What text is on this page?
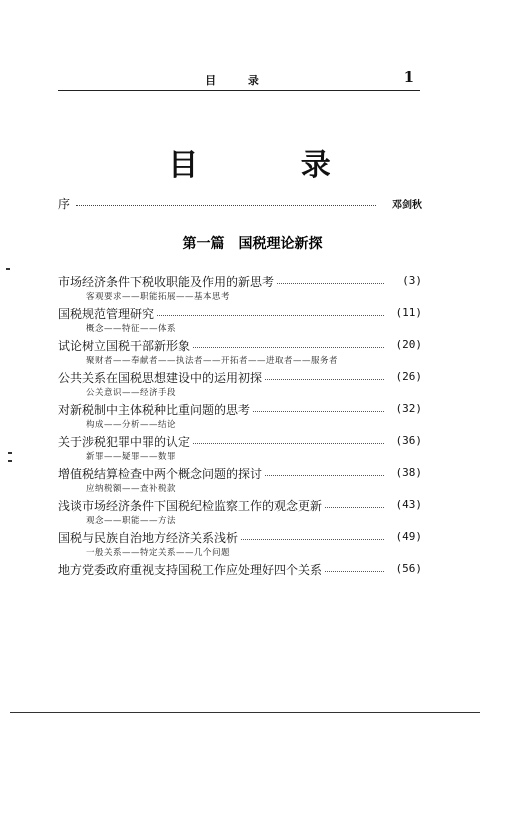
目 录	1
目 录
序	邓剑秋
第一篇 国税理论新探
市场经济条件下税收职能及作用的新思考	(3)
客观要求——职能拓展——基本思考
国税规范管理研究	(11)
概念——特征——体系
试论树立国税干部新形象	(20)
聚财者——奉献者——执法者——开拓者——进取者——服务者
公共关系在国税思想建设中的运用初探	(26)
公关意识——经济手段
对新税制中主体税种比重问题的思考	(32)
构成——分析——结论
关于涉税犯罪中罪的认定	(36)
新罪——疑罪——数罪
增值税结算检查中两个概念问题的探讨	(38)
应纳税额——查补税款
浅谈市场经济条件下国税纪检监察工作的观念更新	(43)
观念——职能——方法
国税与民族自治地方经济关系浅析	(49)
一般关系——特定关系——几个问题
地方党委政府重视支持国税工作应处理好四个关系	(56)
